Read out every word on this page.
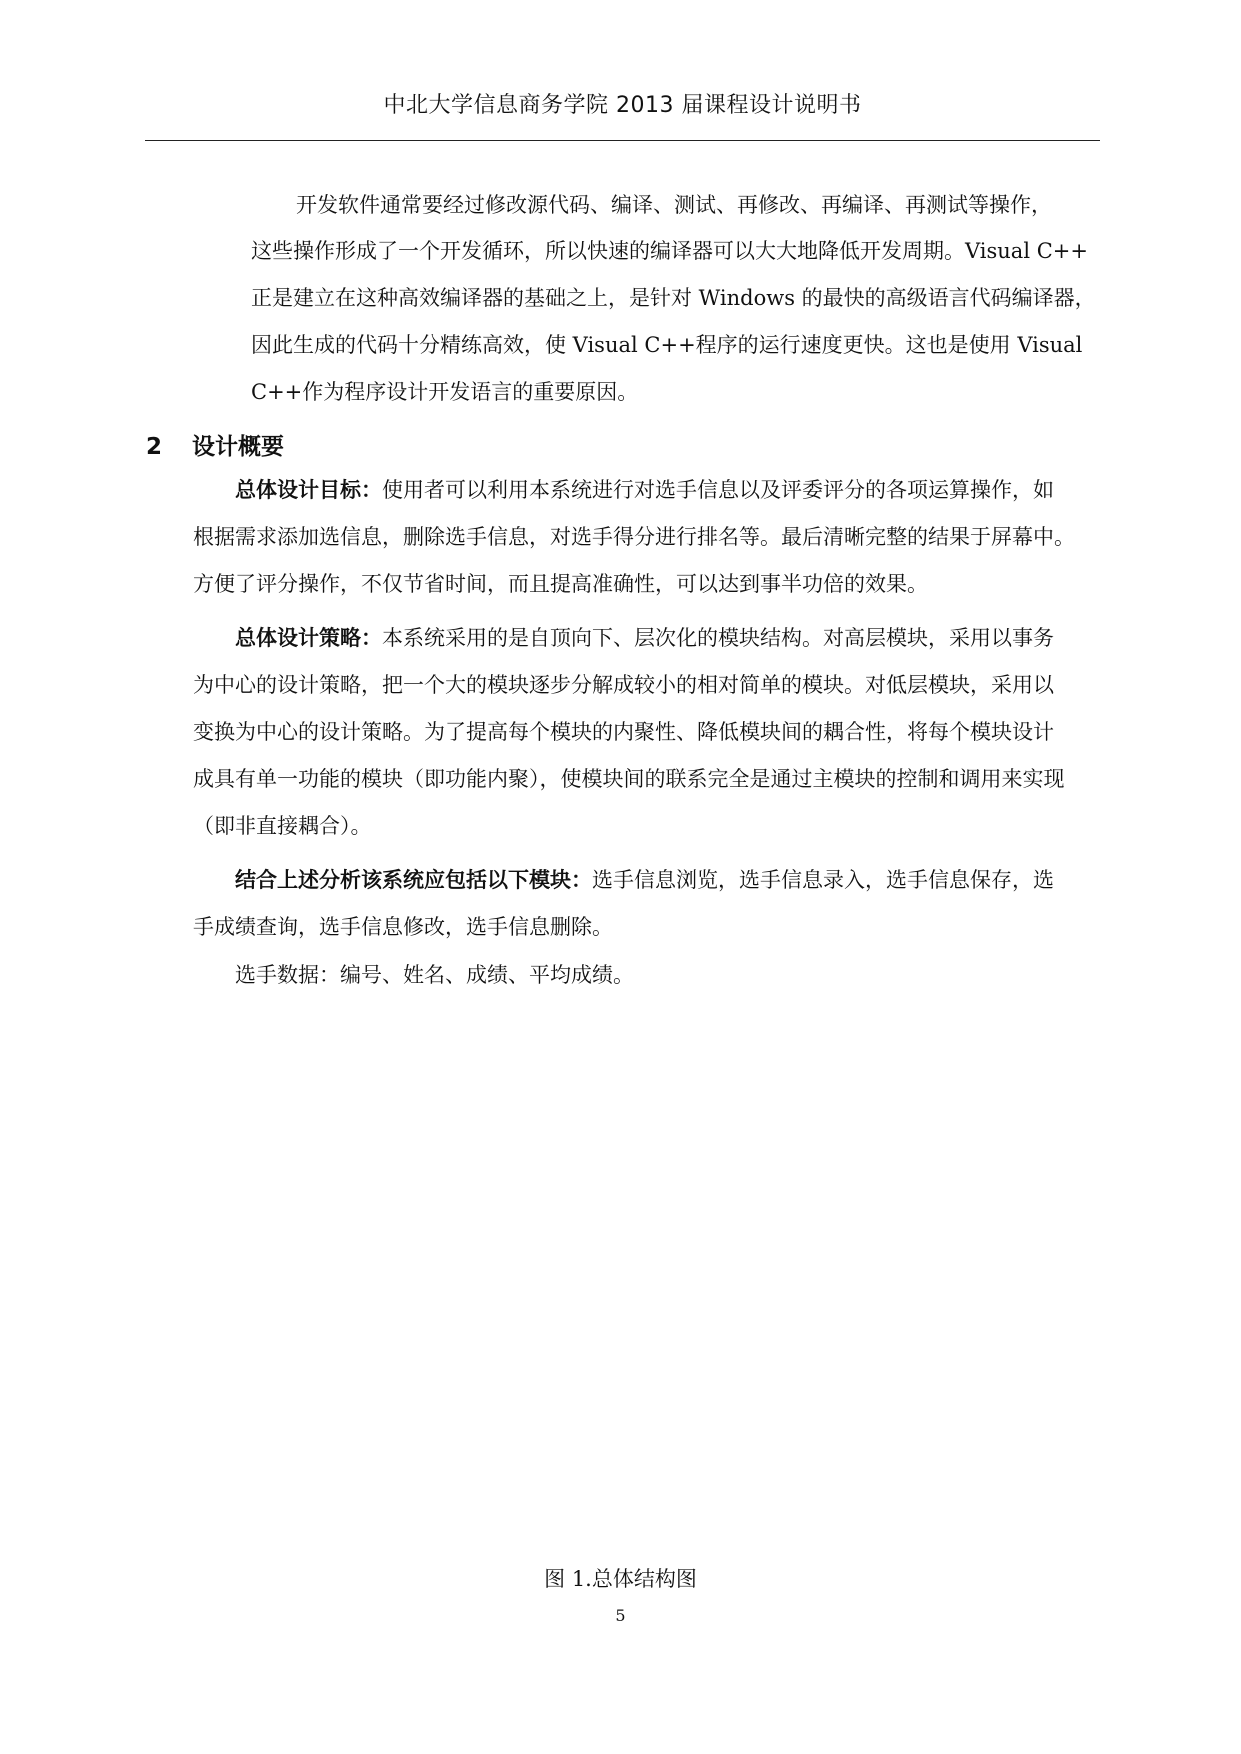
中北大学信息商务学院 2013 届课程设计说明书
开发软件通常要经过修改源代码、编译、测试、再修改、再编译、再测试等操作，
这些操作形成了一个开发循环，所以快速的编译器可以大大地降低开发周期。Visual C++
正是建立在这种高效编译器的基础之上，是针对 Windows 的最快的高级语言代码编译器，
因此生成的代码十分精练高效，使 Visual C++程序的运行速度更快。这也是使用 Visual
C++作为程序设计开发语言的重要原因。
2 设计概要
总体设计目标：使用者可以利用本系统进行对选手信息以及评委评分的各项运算操作，如
根据需求添加选信息，删除选手信息，对选手得分进行排名等。最后清晰完整的结果于屏幕中。
方便了评分操作，不仅节省时间，而且提高准确性，可以达到事半功倍的效果。
总体设计策略：本系统采用的是自顶向下、层次化的模块结构。对高层模块，采用以事务
为中心的设计策略，把一个大的模块逐步分解成较小的相对简单的模块。对低层模块，采用以
变换为中心的设计策略。为了提高每个模块的内聚性、降低模块间的耦合性，将每个模块设计
成具有单一功能的模块（即功能内聚），使模块间的联系完全是通过主模块的控制和调用来实现
（即非直接耦合）。
结合上述分析该系统应包括以下模块：选手信息浏览，选手信息录入，选手信息保存，选
手成绩查询，选手信息修改，选手信息删除。
选手数据：编号、姓名、成绩、平均成绩。
图 1.总体结构图
5
